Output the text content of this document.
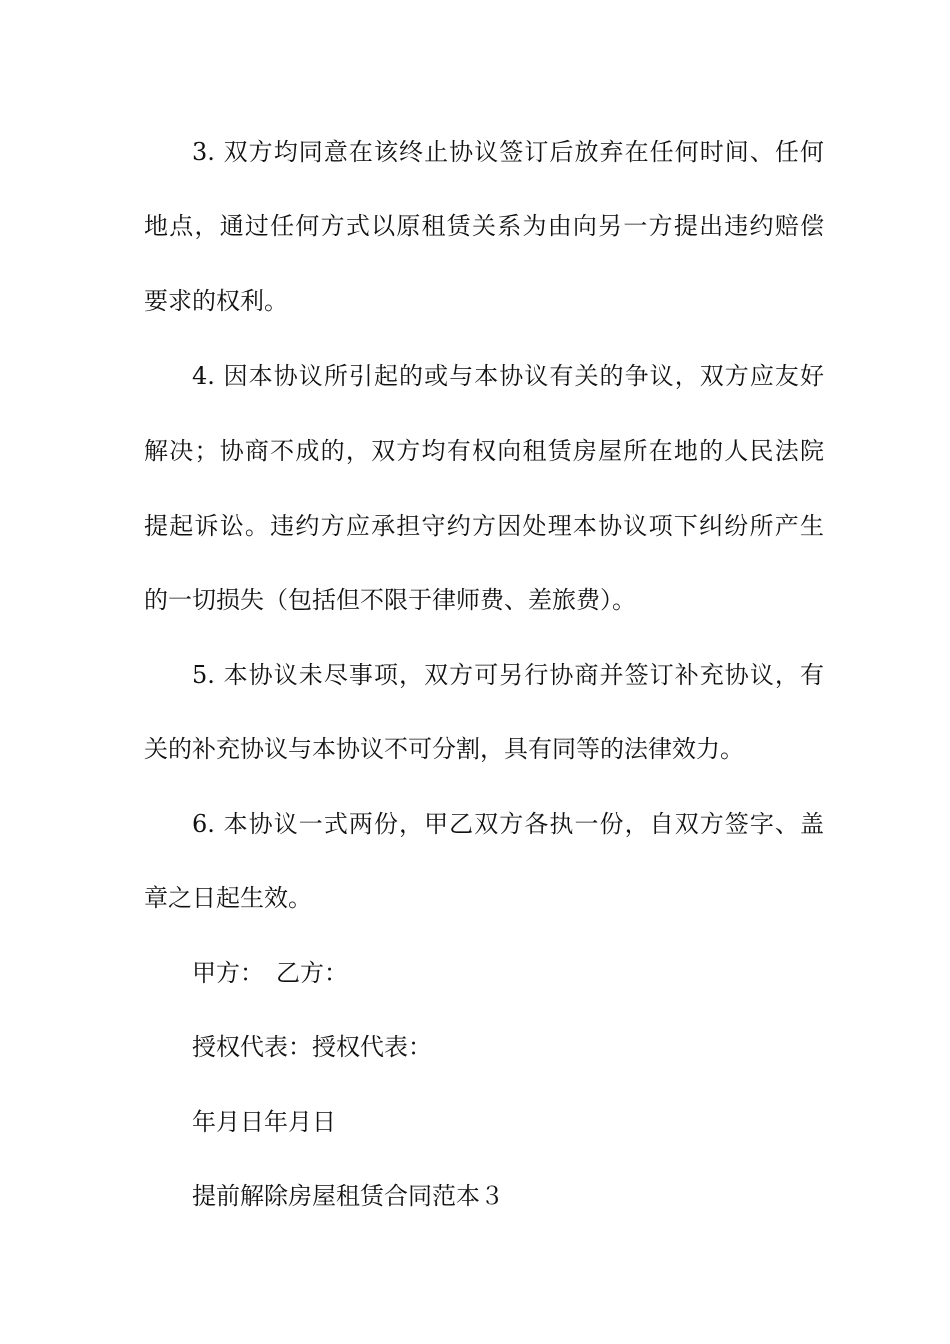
3. 双方均同意在该终止协议签订后放弃在任何时间、任何
地点，通过任何方式以原租赁关系为由向另一方提出违约赔偿
要求的权利。
4. 因本协议所引起的或与本协议有关的争议，双方应友好
解决；协商不成的，双方均有权向租赁房屋所在地的人民法院
提起诉讼。违约方应承担守约方因处理本协议项下纠纷所产生
的一切损失（包括但不限于律师费、差旅费）。
5. 本协议未尽事项，双方可另行协商并签订补充协议，有
关的补充协议与本协议不可分割，具有同等的法律效力。
6. 本协议一式两份，甲乙双方各执一份，自双方签字、盖
章之日起生效。
甲方：　乙方：
授权代表：授权代表：
年月日年月日
提前解除房屋租赁合同范本３
